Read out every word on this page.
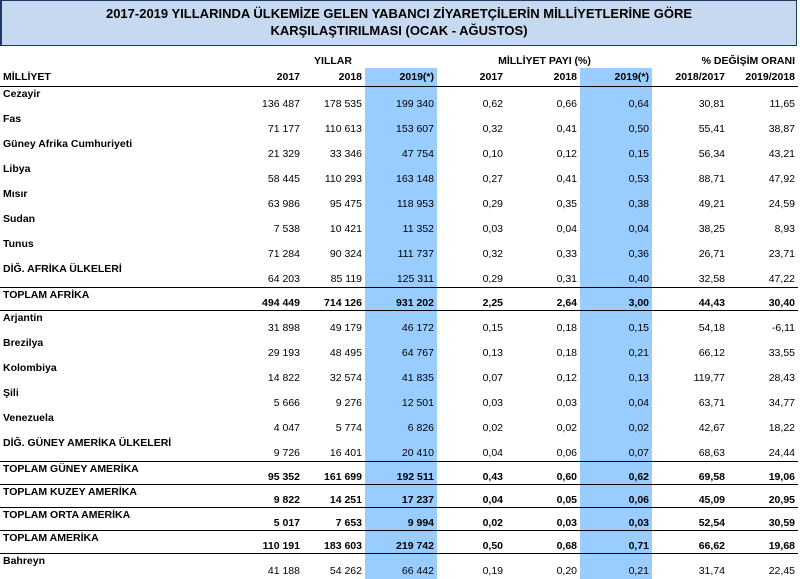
2017-2019 YILLARINDA ÜLKEMİZE GELEN YABANCI ZİYARETÇİLERİN MİLLİYETLERİNE GÖRE
KARŞILAŞTIRILMASI (OCAK - AĞUSTOS)
	YILLAR			MİLLİYET PAYI (%)			% DEĞİŞİM ORANI	
MİLLİYET	2017	2018	2019(*)	2017	2018	2019(*)	2018/2017	2019/2018
Cezayir	136 487	178 535	199 340	0,62	0,66	0,64	30,81	11,65
Fas	71 177	110 613	153 607	0,32	0,41	0,50	55,41	38,87
Güney Afrika Cumhuriyeti	21 329	33 346	47 754	0,10	0,12	0,15	56,34	43,21
Libya	58 445	110 293	163 148	0,27	0,41	0,53	88,71	47,92
Mısır	63 986	95 475	118 953	0,29	0,35	0,38	49,21	24,59
Sudan	7 538	10 421	11 352	0,03	0,04	0,04	38,25	8,93
Tunus	71 284	90 324	111 737	0,32	0,33	0,36	26,71	23,71
DİĞ. AFRİKA ÜLKELERİ	64 203	85 119	125 311	0,29	0,31	0,40	32,58	47,22
TOPLAM AFRİKA	494 449	714 126	931 202	2,25	2,64	3,00	44,43	30,40
Arjantin	31 898	49 179	46 172	0,15	0,18	0,15	54,18	-6,11
Brezilya	29 193	48 495	64 767	0,13	0,18	0,21	66,12	33,55
Kolombiya	14 822	32 574	41 835	0,07	0,12	0,13	119,77	28,43
Şili	5 666	9 276	12 501	0,03	0,03	0,04	63,71	34,77
Venezuela	4 047	5 774	6 826	0,02	0,02	0,02	42,67	18,22
DİĞ. GÜNEY AMERİKA ÜLKELERİ	9 726	16 401	20 410	0,04	0,06	0,07	68,63	24,44
TOPLAM GÜNEY AMERİKA	95 352	161 699	192 511	0,43	0,60	0,62	69,58	19,06
TOPLAM KUZEY AMERİKA	9 822	14 251	17 237	0,04	0,05	0,06	45,09	20,95
TOPLAM ORTA AMERİKA	5 017	7 653	9 994	0,02	0,03	0,03	52,54	30,59
TOPLAM AMERİKA	110 191	183 603	219 742	0,50	0,68	0,71	66,62	19,68
Bahreyn	41 188	54 262	66 442	0,19	0,20	0,21	31,74	22,45
